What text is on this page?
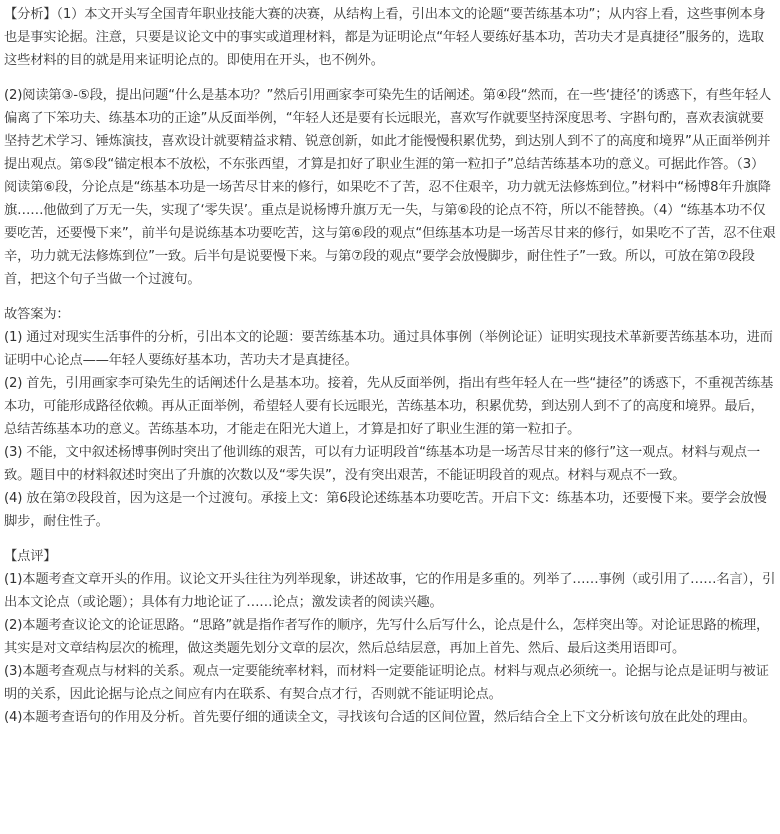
【分析】（1）本文开头写全国青年职业技能大赛的决赛，从结构上看，引出本文的论题“要苦练基本功”；从内容上看，这些事例本身也是事实论据。注意，只要是议论文中的事实或道理材料，都是为证明论点“年轻人要练好基本功，苦功夫才是真捷径”服务的，选取这些材料的目的就是用来证明论点的。即使用在开头，也不例外。

(2)阅读第③-⑤段，提出问题“什么是基本功？”然后引用画家李可染先生的话阐述。第④段“然而，在一些‘捷径’的诱惑下，有些年轻人偏离了下笨功夫、练基本功的正途”从反面举例，“年轻人还是要有长远眼光，喜欢写作就要坚持深度思考、字斟句酌，喜欢表演就要坚持艺术学习、锤炼演技，喜欢设计就要精益求精、锐意创新，如此才能慢慢积累优势，到达别人到不了的高度和境界”从正面举例并提出观点。第⑤段“锚定根本不放松，不东张西望，才算是扣好了职业生涯的第一粒扣子”总结苦练基本功的意义。可据此作答。（3）阅读第⑥段，分论点是“练基本功是一场苦尽甘来的修行，如果吃不了苦，忍不住艰辛，功力就无法修炼到位。”材料中“杨博8年升旗降旗……他做到了万无一失，实现了‘零失误’。重点是说杨博升旗万无一失，与第⑥段的论点不符，所以不能替换。（4）“练基本功不仅要吃苦，还要慢下来”，前半句是说练基本功要吃苦，这与第⑥段的观点“但练基本功是一场苦尽甘来的修行，如果吃不了苦，忍不住艰辛，功力就无法修炼到位”一致。后半句是说要慢下来。与第⑦段的观点“要学会放慢脚步，耐住性子”一致。所以，可放在第⑦段段首，把这个句子当做一个过渡句。

故答案为：

(1) 通过对现实生活事件的分析，引出本文的论题：要苦练基本功。通过具体事例（举例论证）证明实现技术革新要苦练基本功，进而证明中心论点——年轻人要练好基本功，苦功夫才是真捷径。

(2) 首先，引用画家李可染先生的话阐述什么是基本功。接着，先从反面举例，指出有些年轻人在一些“捷径”的诱惑下，不重视苦练基本功，可能形成路径依赖。再从正面举例，希望轻人要有长远眼光，苦练基本功，积累优势，到达别人到不了的高度和境界。最后，总结苦练基本功的意义。苦练基本功，才能走在阳光大道上，才算是扣好了职业生涯的第一粒扣子。

(3) 不能，文中叙述杨博事例时突出了他训练的艰苦，可以有力证明段首“练基本功是一场苦尽甘来的修行”这一观点。材料与观点一致。题目中的材料叙述时突出了升旗的次数以及“零失误”，没有突出艰苦，不能证明段首的观点。材料与观点不一致。

(4) 放在第⑦段段首，因为这是一个过渡句。承接上文：第6段论述练基本功要吃苦。开启下文：练基本功，还要慢下来。要学会放慢脚步，耐住性子。

【点评】

(1)本题考查文章开头的作用。议论文开头往往为列举现象，讲述故事，它的作用是多重的。列举了……事例（或引用了……名言），引出本文论点（或论题）；具体有力地论证了……论点；激发读者的阅读兴趣。

(2)本题考查议论文的论证思路。“思路”就是指作者写作的顺序，先写什么后写什么，论点是什么，怎样突出等。对论证思路的梳理，其实是对文章结构层次的梳理，做这类题先划分文章的层次，然后总结层意，再加上首先、然后、最后这类用语即可。

(3)本题考查观点与材料的关系。观点一定要能统率材料，而材料一定要能证明论点。材料与观点必须统一。论据与论点是证明与被证明的关系，因此论据与论点之间应有内在联系、有契合点才行，否则就不能证明论点。

(4)本题考查语句的作用及分析。首先要仔细的通读全文，寻找该句合适的区间位置，然后结合全上下文分析该句放在此处的理由。
